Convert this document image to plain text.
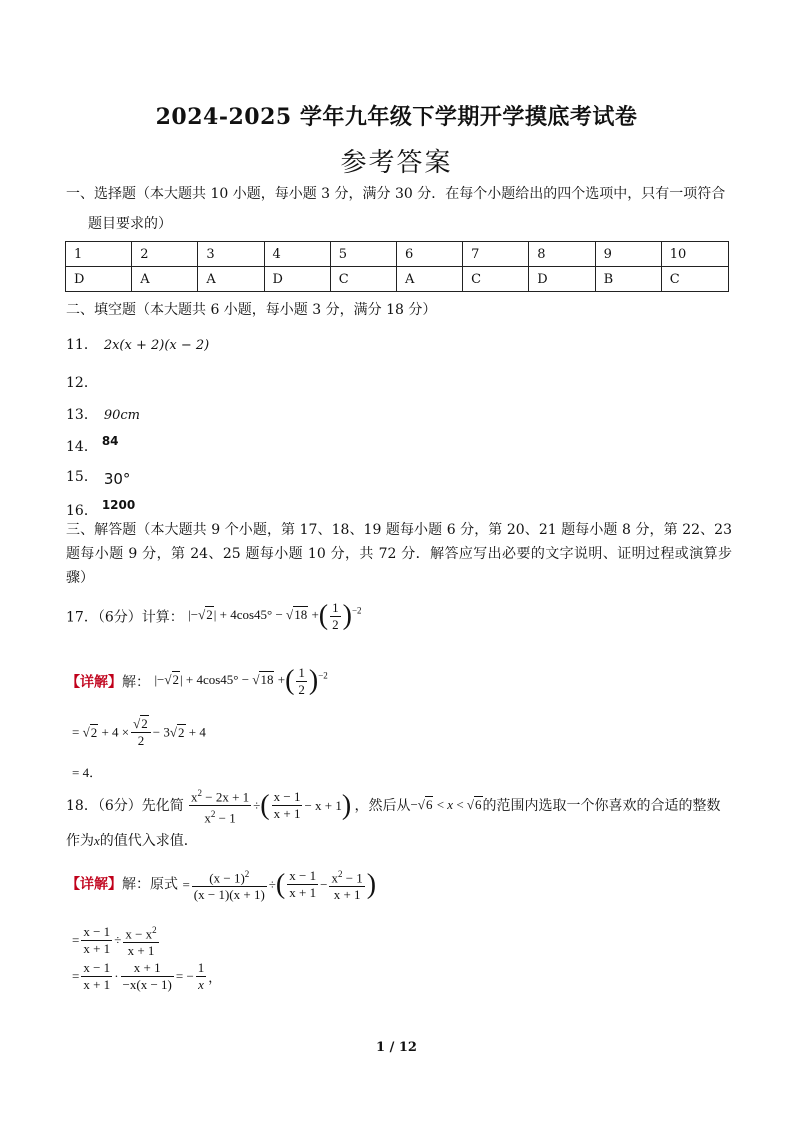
2024-2025 学年九年级下学期开学摸底考试卷
参考答案
一、选择题（本大题共 10 小题，每小题 3 分，满分 30 分．在每个小题给出的四个选项中，只有一项符合
题目要求的）
1	2	3	4	5	6	7	8	9	10
D	A	A	D	C	A	C	D	B	C
二、填空题（本大题共 6 小题，每小题 3 分，满分 18 分）
11． 2x(x + 2)(x − 2)
12．
13． 90cm
14． 84
15． 30°
16． 1200
三、解答题（本大题共 9 个小题，第 17、18、19 题每小题 6 分，第 20、21 题每小题 8 分，第 22、23 题每小题 9 分，第 24、25 题每小题 10 分，共 72 分．解答应写出必要的文字说明、证明过程或演算步骤）
17．（6分）计算： |−√2| + 4cos45° − √18 +( $\frac{1}{2} )^{-2}$
【详解】解： |−√2| + 4cos45° − √18 +( $\frac{1}{2} )^{-2}$
= $√2 + 4 \times \frac{√2}{2} - 3√2 + 4$
= 4．
18．（6分）先化简 $\frac{x^2 - 2x + 1}{x^2 - 1}$ ÷( $\frac{x - 1}{x + 1} - x + 1$) ，然后从−√6 < x < √6的范围内选取一个你喜欢的合适的整数
作为x的值代入求值．
【详解】解：原式 = $\frac{(x - 1)^2}{(x - 1)(x + 1)}$ ÷( $\frac{x - 1}{x + 1} - \frac{x^2 - 1}{x + 1}$ )
= $\frac{x - 1}{x + 1} \div \frac{x - x^2}{x + 1}$
= $\frac{x - 1}{x + 1} \cdot \frac{x + 1}{-x(x - 1)}$ = − $\frac{1}{x}$ ，
1 / 12
